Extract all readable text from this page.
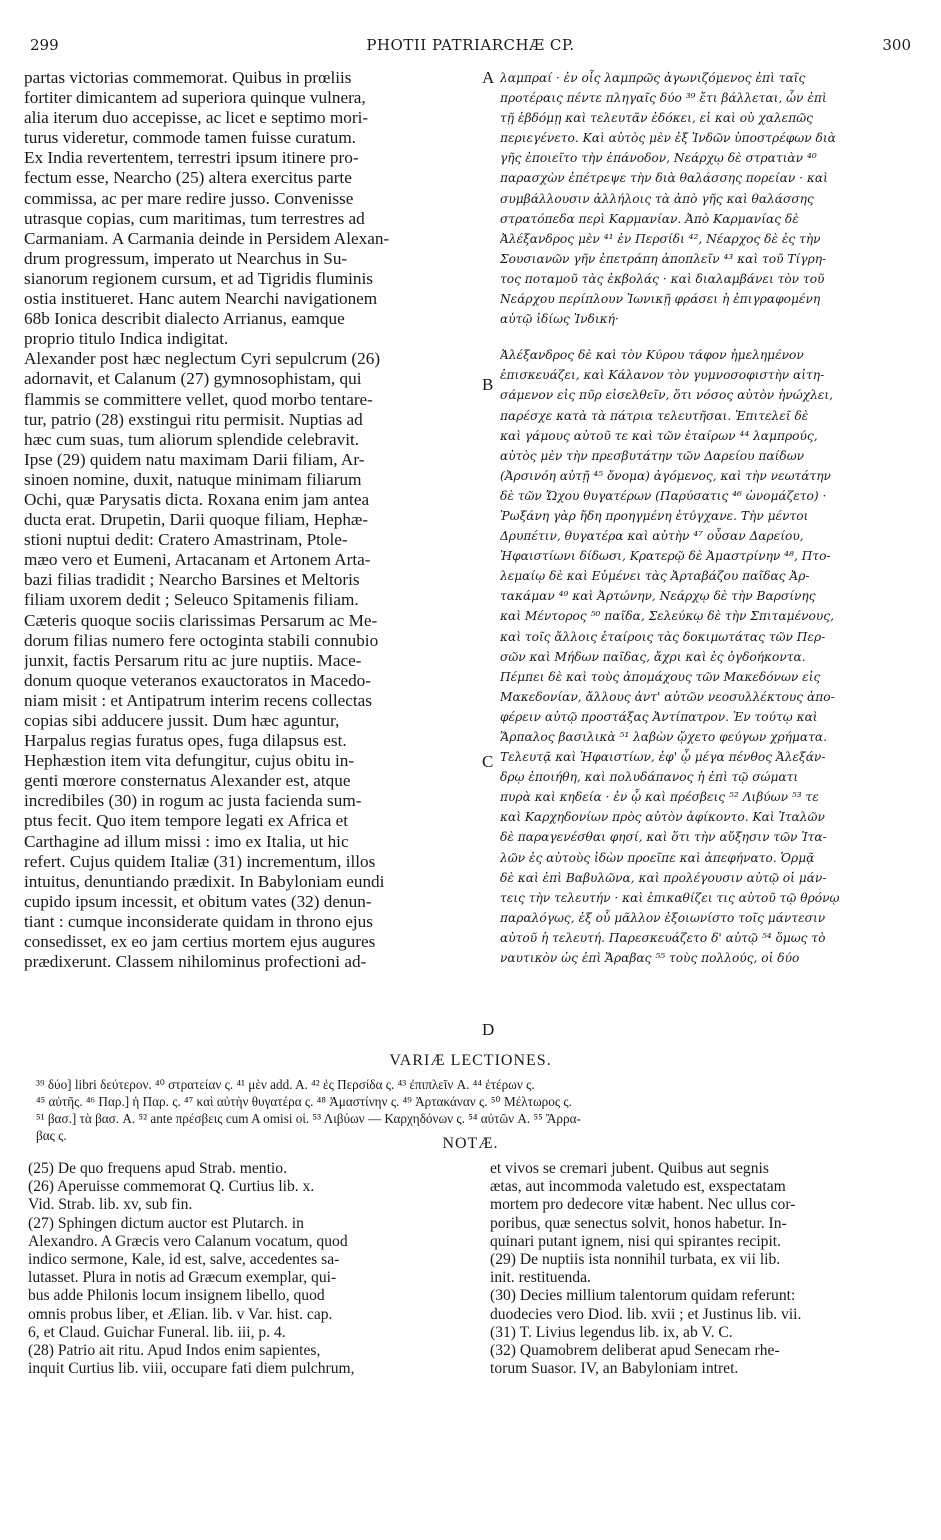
299	PHOTII PATRIARCHÆ CP.	300

partas victorias commemorat. Quibus in prœliis

fortiter dimicantem ad superiora quinque vulnera,

alia iterum duo accepisse, ac licet e septimo mori-

turus videretur, commode tamen fuisse curatum.

Ex India revertentem, terrestri ipsum itinere pro-

fectum esse, Nearcho (25) altera exercitus parte

commissa, ac per mare redire jusso. Convenisse

utrasque copias, cum maritimas, tum terrestres ad

Carmaniam. A Carmania deinde in Persidem Alexan-

drum progressum, imperato ut Nearchus in Su-

sianorum regionem cursum, et ad Tigridis fluminis

ostia institueret. Hanc autem Nearchi navigationem

68b Ionica describit dialecto Arrianus, eamque

proprio titulo Indica indigitat.

Alexander post hæc neglectum Cyri sepulcrum (26)

adornavit, et Calanum (27) gymnosophistam, qui

flammis se committere vellet, quod morbo tentare-

tur, patrio (28) exstingui ritu permisit. Nuptias ad

hæc cum suas, tum aliorum splendide celebravit.

Ipse (29) quidem natu maximam Darii filiam, Ar-

sinoen nomine, duxit, natuque minimam filiarum

Ochi, quæ Parysatis dicta. Roxana enim jam antea

ducta erat. Drupetin, Darii quoque filiam, Hephæ-

stioni nuptui dedit: Cratero Amastrinam, Ptole-

mæo vero et Eumeni, Artacanam et Artonem Arta-

bazi filias tradidit ; Nearcho Barsines et Meltoris

filiam uxorem dedit ; Seleuco Spitamenis filiam.

Cæteris quoque sociis clarissimas Persarum ac Me-

dorum filias numero fere octoginta stabili connubio

junxit, factis Persarum ritu ac jure nuptiis. Mace-

donum quoque veteranos exauctoratos in Macedo-

niam misit : et Antipatrum interim recens collectas

copias sibi adducere jussit. Dum hæc aguntur,

Harpalus regias furatus opes, fuga dilapsus est.

Hephæstion item vita defungitur, cujus obitu in-

genti mœrore consternatus Alexander est, atque

incredibiles (30) in rogum ac justa facienda sum-

ptus fecit. Quo item tempore legati ex Africa et

Carthagine ad illum missi : imo ex Italia, ut hic

refert. Cujus quidem Italiæ (31) incrementum, illos

intuitus, denuntiando prædixit. In Babyloniam eundi

cupido ipsum incessit, et obitum vates (32) denun-

tiant : cumque inconsiderate quidam in throno ejus

consedisset, ex eo jam certius mortem ejus augures

prædixerunt. Classem nihilominus profectioni ad-

λαμπραί · ἐν οἷς λαμπρῶς ἀγωνιζόμενος ἐπὶ ταῖς

προτέραις πέντε πληγαῖς δύο ³⁹ ἔτι βάλλεται, ὧν ἐπὶ

τῇ ἑβδόμῃ καὶ τελευτᾶν ἐδόκει, εἰ καὶ οὐ χαλεπῶς

περιεγένετο. Καὶ αὐτὸς μὲν ἐξ Ἰνδῶν ὑποστρέφων διὰ

γῆς ἐποιεῖτο τὴν ἐπάνοδον, Νεάρχῳ δὲ στρατιὰν ⁴⁰

παρασχὼν ἐπέτρεψε τὴν διὰ θαλάσσης πορείαν · καὶ

συμβάλλουσιν ἀλλήλοις τὰ ἀπὸ γῆς καὶ θαλάσσης

στρατόπεδα περὶ Καρμανίαν. Ἀπὸ Καρμανίας δὲ

Ἀλέξανδρος μὲν ⁴¹ ἐν Περσίδι ⁴², Νέαρχος δὲ ἐς τὴν

Σουσιανῶν γῆν ἐπετράπη ἀποπλεῖν ⁴³ καὶ τοῦ Τίγρη-

τος ποταμοῦ τὰς ἐκβολάς · καὶ διαλαμβάνει τὸν τοῦ

Νεάρχου περίπλουν Ἰωνικῇ φράσει ἡ ἐπιγραφομένη

αὐτῷ ἰδίως Ἰνδική·

Ἀλέξανδρος δὲ καὶ τὸν Κύρου τάφον ἠμελημένον

ἐπισκευάζει, καὶ Κάλανον τὸν γυμνοσοφιστὴν αἰτη-

σάμενον εἰς πῦρ εἰσελθεῖν, ὅτι νόσος αὐτὸν ἠνώχλει,

παρέσχε κατὰ τὰ πάτρια τελευτῆσαι. Ἐπιτελεῖ δὲ

καὶ γάμους αὐτοῦ τε καὶ τῶν ἑταίρων ⁴⁴ λαμπρούς,

αὐτὸς μὲν τὴν πρεσβυτάτην τῶν Δαρείου παίδων

(Ἀρσινόη αὐτῇ ⁴⁵ ὄνομα) ἀγόμενος, καὶ τὴν νεωτάτην

δὲ τῶν Ὤχου θυγατέρων (Παρύσατις ⁴⁶ ὠνομάζετο) ·

Ῥωξάνη γὰρ ἤδη προηγμένη ἐτύγχανε. Τὴν μέντοι

Δρυπέτιν, θυγατέρα καὶ αὐτὴν ⁴⁷ οὖσαν Δαρείου,

Ἡφαιστίωνι δίδωσι, Κρατερῷ δὲ Ἀμαστρίνην ⁴⁸, Πτο-

λεμαίῳ δὲ καὶ Εὐμένει τὰς Ἀρταβάζου παῖδας Ἀρ-

τακάμαν ⁴⁹ καὶ Ἀρτώνην, Νεάρχῳ δὲ τὴν Βαρσίνης

καὶ Μέντορος ⁵⁰ παῖδα, Σελεύκῳ δὲ τὴν Σπιταμένους,

καὶ τοῖς ἄλλοις ἑταίροις τὰς δοκιμωτάτας τῶν Περ-

σῶν καὶ Μήδων παῖδας, ἄχρι καὶ ἐς ὀγδοήκοντα.

Πέμπει δὲ καὶ τοὺς ἀπομάχους τῶν Μακεδόνων εἰς

Μακεδονίαν, ἄλλους ἀντ' αὐτῶν νεοσυλλέκτους ἀπο-

φέρειν αὐτῷ προστάξας Ἀντίπατρον. Ἐν τούτῳ καὶ

Ἅρπαλος βασιλικὰ ⁵¹ λαβὼν ᾤχετο φεύγων χρήματα.

Τελευτᾷ καὶ Ἡφαιστίων, ἐφ' ᾧ μέγα πένθος Ἀλεξάν-

δρῳ ἐποιήθη, καὶ πολυδάπανος ἡ ἐπὶ τῷ σώματι

πυρὰ καὶ κηδεία · ἐν ᾧ καὶ πρέσβεις ⁵² Λιβύων ⁵³ τε

καὶ Καρχηδονίων πρὸς αὐτὸν ἀφίκοντο. Καὶ Ἰταλῶν

δὲ παραγενέσθαι φησί, καὶ ὅτι τὴν αὔξησιν τῶν Ἰτα-

λῶν ἐς αὐτοὺς ἰδὼν προεῖπε καὶ ἀπεφήνατο. Ὁρμᾷ

δὲ καὶ ἐπὶ Βαβυλῶνα, καὶ προλέγουσιν αὐτῷ οἱ μάν-

τεις τὴν τελευτήν · καὶ ἐπικαθίζει τις αὐτοῦ τῷ θρόνῳ

παραλόγως, ἐξ οὗ μᾶλλον ἐξοιωνίστο τοῖς μάντεσιν

αὐτοῦ ἡ τελευτή. Παρεσκευάζετο δ' αὐτῷ ⁵⁴ ὅμως τὸ

ναυτικὸν ὡς ἐπὶ Ἄραβας ⁵⁵ τοὺς πολλούς, οἱ δύο

A
B
C
D
VARIÆ LECTIONES.

³⁹ δύο] libri δεύτερον. ⁴⁰ στρατείαν ς. ⁴¹ μὲν add. A. ⁴² ἐς Περσίδα ς. ⁴³ ἐπιπλεῖν A. ⁴⁴ ἑτέρων ς.

⁴⁵ αὐτῆς. ⁴⁶ Παρ.] ἡ Παρ. ς. ⁴⁷ καὶ αὐτὴν θυγατέρα ς. ⁴⁸ Ἀμαστίνην ς. ⁴⁹ Ἀρτακάναν ς. ⁵⁰ Μέλτωρος ς.

⁵¹ βασ.] τὰ βασ. A. ⁵² ante πρέσβεις cum A omisi οἱ. ⁵³ Λιβύων — Καρχηδόνων ς. ⁵⁴ αὐτῶν A. ⁵⁵ Ἄρρα-

βας ς.	NOTÆ.

(25) De quo frequens apud Strab. mentio.

(26) Aperuisse commemorat Q. Curtius lib. x.

Vid. Strab. lib. xv, sub fin.

(27) Sphingen dictum auctor est Plutarch. in

Alexandro. A Græcis vero Calanum vocatum, quod

indico sermone, Kale, id est, salve, accedentes sa-

lutasset. Plura in notis ad Græcum exemplar, qui-

bus adde Philonis locum insignem libello, quod

omnis probus liber, et Ælian. lib. v Var. hist. cap.

6, et Claud. Guichar Funeral. lib. iii, p. 4.

(28) Patrio ait ritu. Apud Indos enim sapientes,

inquit Curtius lib. viii, occupare fati diem pulchrum,

et vivos se cremari jubent. Quibus aut segnis

ætas, aut incommoda valetudo est, exspectatam

mortem pro dedecore vitæ habent. Nec ullus cor-

poribus, quæ senectus solvit, honos habetur. In-

quinari putant ignem, nisi qui spirantes recipit.

(29) De nuptiis ista nonnihil turbata, ex vii lib.

init. restituenda.

(30) Decies millium talentorum quidam referunt:

duodecies vero Diod. lib. xvii ; et Justinus lib. vii.

(31) T. Livius legendus lib. ix, ab V. C.

(32) Quamobrem deliberat apud Senecam rhe-

torum Suasor. IV, an Babyloniam intret.
